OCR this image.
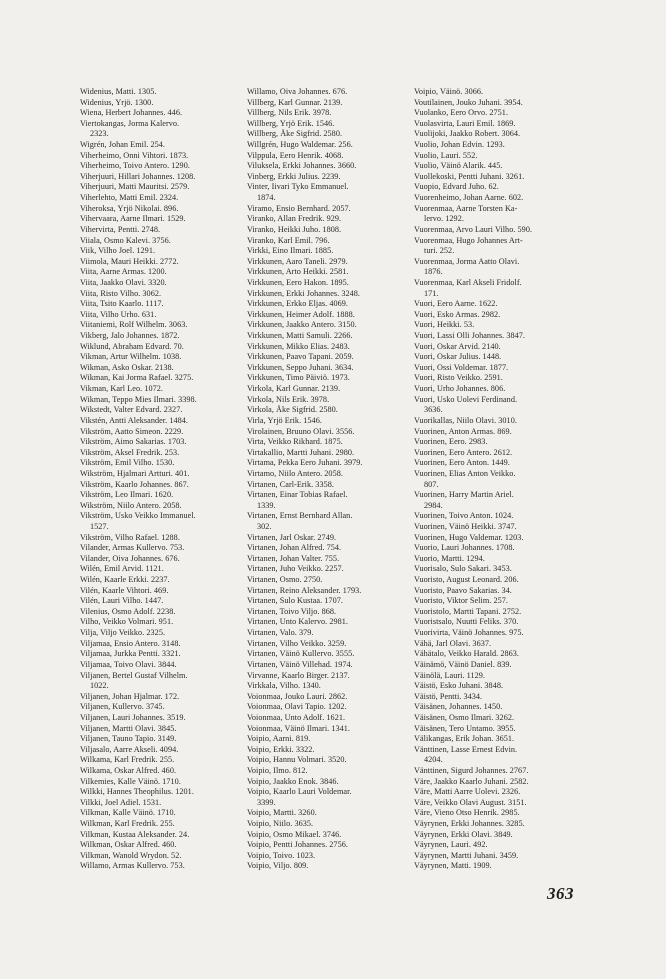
Widenius, Matti. 1305.
Widenius, Yrjö. 1300.
Wiena, Herbert Johannes. 446.
Viertokangas, Jorma Kalervo.
2323.
Wigrén, Johan Emil. 254.
Viherheimo, Onni Vihtori. 1873.
Viherheimo, Toivo Antero. 1290.
Viherjuuri, Hillari Johannes. 1208.
Viherjuuri, Matti Mauritsi. 2579.
Viherlehto, Matti Emil. 2324.
Viheroksa, Yrjö Nikolai. 896.
Vihervaara, Aarne Ilmari. 1529.
Vihervirta, Pentti. 2748.
Viiala, Osmo Kalevi. 3756.
Viik, Vilho Joel. 1291.
Viimola, Mauri Heikki. 2772.
Viita, Aarne Armas. 1200.
Viita, Jaakko Olavi. 3320.
Viita, Risto Vilho. 3062.
Viita, Tsito Kaarlo. 1117.
Viita, Vilho Urho. 631.
Viitaniemi, Rolf Wilhelm. 3063.
Vikberg, Jalo Johannes. 1872.
Wiklund, Abraham Edvard. 70.
Vikman, Artur Wilhelm. 1038.
Wikman, Asko Oskar. 2138.
Wikman, Kai Jorma Rafael. 3275.
Vikman, Karl Leo. 1072.
Wikman, Teppo Mies Ilmari. 3398.
Wikstedt, Valter Edvard. 2327.
Vikstén, Antti Aleksander. 1484.
Vikström, Aatto Simeon. 2229.
Vikström, Aimo Sakarias. 1703.
Vikström, Aksel Fredrik. 253.
Vikström, Emil Vilho. 1530.
Wikström, Hjalmari Artturi. 401.
Vikström, Kaarlo Johannes. 867.
Vikström, Leo Ilmari. 1620.
Wikström, Niilo Antero. 2058.
Vikström, Usko Veikko Immanuel.
1527.
Vikström, Vilho Rafael. 1288.
Vilander, Armas Kullervo. 753.
Vilander, Oiva Johannes. 676.
Wilén, Emil Arvid. 1121.
Wilén, Kaarle Erkki. 2237.
Vilén, Kaarle Vihtori. 469.
Vilén, Lauri Vilho. 1447.
Vilenius, Osmo Adolf. 2238.
Vilho, Veikko Volmari. 951.
Vilja, Viljo Veikko. 2325.
Viljamaa, Ensio Antero. 3148.
Viljamaa, Jurkka Pentti. 3321.
Viljamaa, Toivo Olavi. 3844.
Viljanen, Bertel Gustaf Vilhelm.
1022.
Viljanen, Johan Hjalmar. 172.
Viljanen, Kullervo. 3745.
Viljanen, Lauri Johannes. 3519.
Viljanen, Martti Olavi. 3845.
Viljanen, Tauno Tapio. 3149.
Viljasalo, Aarre Akseli. 4094.
Wilkama, Karl Fredrik. 255.
Wilkama, Oskar Alfred. 460.
Vilkemies, Kalle Väinö. 1710.
Wilkki, Hannes Theophilus. 1201.
Vilkki, Joel Adiel. 1531.
Vilkman, Kalle Väinö. 1710.
Wilkman, Karl Fredrik. 255.
Vilkman, Kustaa Aleksander. 24.
Wilkman, Oskar Alfred. 460.
Vilkman, Wanold Wrydon. 52.
Willamo, Armas Kullervo. 753.
Willamo, Oiva Johannes. 676.
Villberg, Karl Gunnar. 2139.
Villberg, Nils Erik. 3978.
Willberg, Yrjö Erik. 1546.
Willberg, Åke Sigfrid. 2580.
Willgrén, Hugo Waldemar. 256.
Vilppula, Eero Henrik. 4068.
Viluksela, Erkki Johannes. 3660.
Vinberg, Erkki Julius. 2239.
Vinter, Iivari Tyko Emmanuel.
1874.
Viramo, Ensio Bernhard. 2057.
Viranko, Allan Fredrik. 929.
Viranko, Heikki Juho. 1808.
Viranko, Karl Emil. 796.
Virkki, Eino Ilmari. 1885.
Virkkunen, Aaro Taneli. 2979.
Virkkunen, Arto Heikki. 2581.
Virkkunen, Eero Hakon. 1895.
Virkkunen, Erkki Johannes. 3248.
Virkkunen, Erkko Eljas. 4069.
Virkkunen, Heimer Adolf. 1888.
Virkkunen, Jaakko Antero. 3150.
Virkkunen, Matti Samuli. 2266.
Virkkunen, Mikko Elias. 2483.
Virkkunen, Paavo Tapani. 2059.
Virkkunen, Seppo Juhani. 3634.
Virkkunen, Timo Päiviö. 1973.
Virkola, Karl Gunnar. 2139.
Virkola, Nils Erik. 3978.
Virkola, Åke Sigfrid. 2580.
Virla, Yrjö Erik. 1546.
Virolainen, Bruuno Olavi. 3556.
Virta, Veikko Rikhard. 1875.
Virtakallio, Martti Juhani. 2980.
Virtama, Pekka Eero Juhani. 3979.
Virtamo, Niilo Antero. 2058.
Virtanen, Carl-Erik. 3358.
Virtanen, Einar Tobias Rafael.
1339.
Virtanen, Ernst Bernhard Allan.
302.
Virtanen, Jarl Oskar. 2749.
Virtanen, Johan Alfred. 754.
Virtanen, Johan Valter. 755.
Virtanen, Juho Veikko. 2257.
Virtanen, Osmo. 2750.
Virtanen, Reino Aleksander. 1793.
Virtanen, Sulo Kustaa. 1707.
Virtanen, Toivo Viljo. 868.
Virtanen, Unto Kalervo. 2981.
Virtanen, Valo. 379.
Virtanen, Vilho Veikko. 3259.
Virtanen, Väinö Kullervo. 3555.
Virtanen, Väinö Villehad. 1974.
Virvanne, Kaarlo Birger. 2137.
Virkkala, Vilho. 1340.
Voionmaa, Jouko Lauri. 2862.
Voionmaa, Olavi Tapio. 1202.
Voionmaa, Unto Adolf. 1621.
Voionmaa, Väinö Ilmari. 1341.
Voipio, Aarni. 819.
Voipio, Erkki. 3322.
Voipio, Hannu Volmari. 3520.
Voipio, Ilmo. 812.
Voipio, Jaakko Enok. 3846.
Voipio, Kaarlo Lauri Voldemar.
3399.
Voipio, Martti. 3260.
Voipio, Niilo. 3635.
Voipio, Osmo Mikael. 3746.
Voipio, Pentti Johannes. 2756.
Voipio, Toivo. 1023.
Voipio, Viljo. 809.
Voipio, Väinö. 3066.
Voutilainen, Jouko Juhani. 3954.
Vuolanko, Eero Orvo. 2751.
Vuolasvirta, Lauri Emil. 1869.
Vuolijoki, Jaakko Robert. 3064.
Vuolio, Johan Edvin. 1293.
Vuolio, Lauri. 552.
Vuolio, Väinö Alarik. 445.
Vuollekoski, Pentti Juhani. 3261.
Vuopio, Edvard Juho. 62.
Vuorenheimo, Johan Aarne. 602.
Vuorenmaa, Aarne Torsten Ka-
lervo. 1292.
Vuorenmaa, Arvo Lauri Vilho. 590.
Vuorenmaa, Hugo Johannes Art-
turi. 252.
Vuorenmaa, Jorma Aatto Olavi.
1876.
Vuorenmaa, Karl Akseli Fridolf.
171.
Vuori, Eero Aarne. 1622.
Vuori, Esko Armas. 2982.
Vuori, Heikki. 53.
Vuori, Lassi Olli Johannes. 3847.
Vuori, Oskar Arvid. 2140.
Vuori, Oskar Julius. 1448.
Vuori, Ossi Voldemar. 1877.
Vuori, Risto Veikko. 2591.
Vuori, Urho Johannes. 806.
Vuori, Usko Uolevi Ferdinand.
3636.
Vuorikallas, Niilo Olavi. 3010.
Vuorinen, Anton Armas. 869.
Vuorinen, Eero. 2983.
Vuorinen, Eero Antero. 2612.
Vuorinen, Eero Anton. 1449.
Vuorinen, Elias Anton Veikko.
807.
Vuorinen, Harry Martin Ariel.
2984.
Vuorinen, Toivo Anton. 1024.
Vuorinen, Väinö Heikki. 3747.
Vuorinen, Hugo Valdemar. 1203.
Vuorio, Lauri Johannes. 1708.
Vuorio, Martti. 1294.
Vuorisalo, Sulo Sakari. 3453.
Vuoristo, August Leonard. 206.
Vuoristo, Paavo Sakarias. 34.
Vuoristo, Viktor Selim. 257.
Vuoristolo, Martti Tapani. 2752.
Vuoristsalo, Nuutti Feliks. 370.
Vuorivirta, Väinö Johannes. 975.
Vähä, Jarl Olavi. 3637.
Vähätalo, Veikko Harald. 2863.
Väinämö, Väinö Daniel. 839.
Väinölä, Lauri. 1129.
Väistö, Esko Juhani. 3848.
Väistö, Pentti. 3434.
Väisänen, Johannes. 1450.
Väisänen, Osmo Ilmari. 3262.
Väisänen, Tero Untamo. 3955.
Välikangas, Erik Johan. 3651.
Vänttinen, Lasse Ernest Edvin.
4204.
Vänttinen, Sigurd Johannes. 2767.
Väre, Jaakko Kaarlo Juhani. 2582.
Väre, Matti Aarre Uolevi. 2326.
Väre, Veikko Olavi August. 3151.
Väre, Vieno Otso Henrik. 2985.
Väyrynen, Erkki Johannes. 3285.
Väyrynen, Erkki Olavi. 3849.
Väyrynen, Lauri. 492.
Väyrynen, Martti Juhani. 3459.
Väyrynen, Matti. 1909.
363
